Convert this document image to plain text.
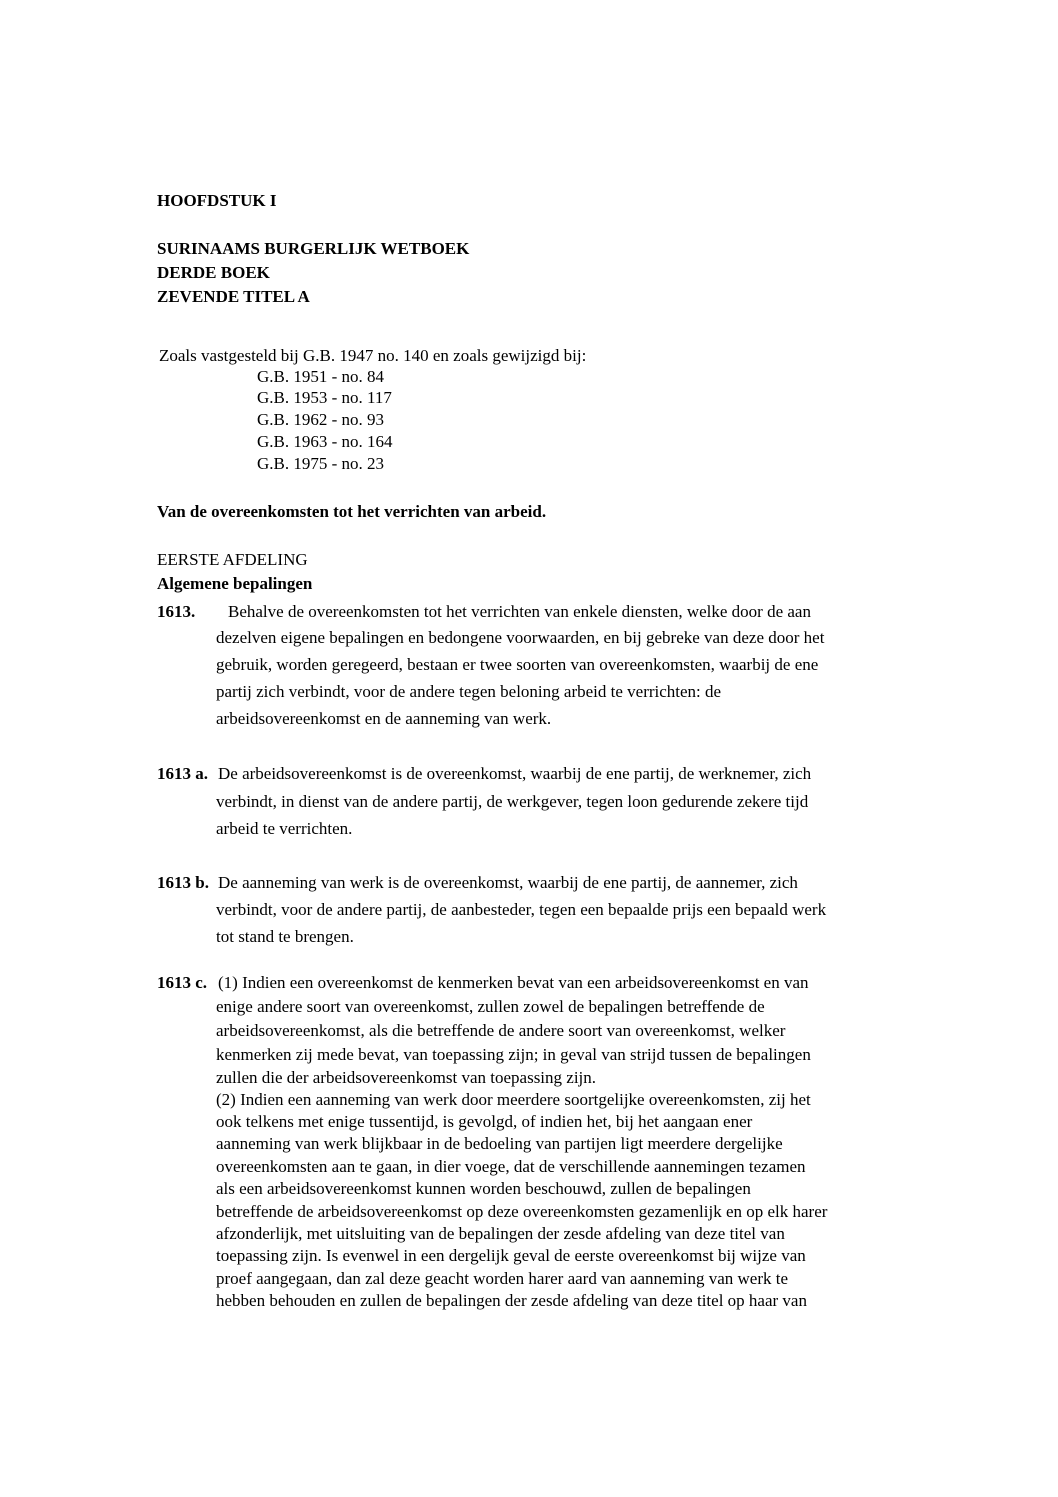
HOOFDSTUK I
SURINAAMS BURGERLIJK WETBOEK
DERDE BOEK
ZEVENDE TITEL A
Zoals vastgesteld bij G.B. 1947 no. 140 en zoals gewijzigd bij:
G.B. 1951 - no. 84
G.B. 1953 - no. 117
G.B. 1962 - no. 93
G.B. 1963 - no. 164
G.B. 1975 - no. 23
Van de overeenkomsten tot het verrichten van arbeid.
EERSTE AFDELING
Algemene bepalingen
1613. Behalve de overeenkomsten tot het verrichten van enkele diensten, welke door de aan
dezelven eigene bepalingen en bedongene voorwaarden, en bij gebreke van deze door het
gebruik, worden geregeerd, bestaan er twee soorten van overeenkomsten, waarbij de ene
partij zich verbindt, voor de andere tegen beloning arbeid te verrichten: de
arbeidsovereenkomst en de aanneming van werk.
1613 a. De arbeidsovereenkomst is de overeenkomst, waarbij de ene partij, de werknemer, zich
verbindt, in dienst van de andere partij, de werkgever, tegen loon gedurende zekere tijd
arbeid te verrichten.
1613 b. De aanneming van werk is de overeenkomst, waarbij de ene partij, de aannemer, zich
verbindt, voor de andere partij, de aanbesteder, tegen een bepaalde prijs een bepaald werk
tot stand te brengen.
1613 c. (1) Indien een overeenkomst de kenmerken bevat van een arbeidsovereenkomst en van
enige andere soort van overeenkomst, zullen zowel de bepalingen betreffende de
arbeidsovereenkomst, als die betreffende de andere soort van overeenkomst, welker
kenmerken zij mede bevat, van toepassing zijn; in geval van strijd tussen de bepalingen
zullen die der arbeidsovereenkomst van toepassing zijn.
(2) Indien een aanneming van werk door meerdere soortgelijke overeenkomsten, zij het
ook telkens met enige tussentijd, is gevolgd, of indien het, bij het aangaan ener
aanneming van werk blijkbaar in de bedoeling van partijen ligt meerdere dergelijke
overeenkomsten aan te gaan, in dier voege, dat de verschillende aannemingen tezamen
als een arbeidsovereenkomst kunnen worden beschouwd, zullen de bepalingen
betreffende de arbeidsovereenkomst op deze overeenkomsten gezamenlijk en op elk harer
afzonderlijk, met uitsluiting van de bepalingen der zesde afdeling van deze titel van
toepassing zijn. Is evenwel in een dergelijk geval de eerste overeenkomst bij wijze van
proef aangegaan, dan zal deze geacht worden harer aard van aanneming van werk te
hebben behouden en zullen de bepalingen der zesde afdeling van deze titel op haar van
